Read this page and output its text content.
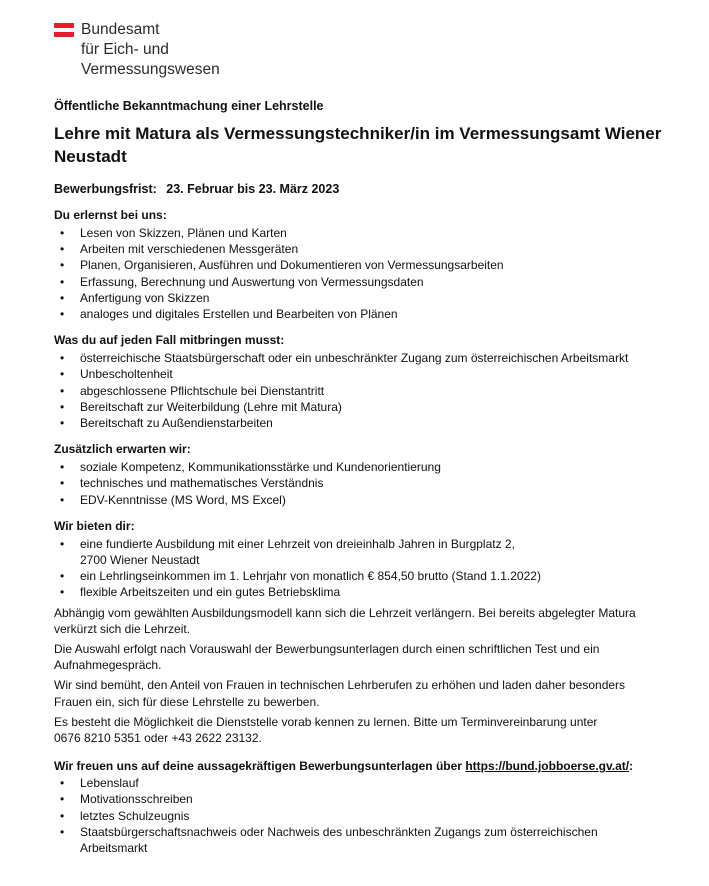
Bundesamt
für Eich- und
Vermessungswesen

Öffentliche Bekanntmachung einer Lehrstelle

Lehre mit Matura als Vermessungstechniker/in im Vermessungsamt Wiener Neustadt

Bewerbungsfrist: 23. Februar bis 23. März 2023

Du erlernst bei uns:
• Lesen von Skizzen, Plänen und Karten
• Arbeiten mit verschiedenen Messgeräten
• Planen, Organisieren, Ausführen und Dokumentieren von Vermessungsarbeiten
• Erfassung, Berechnung und Auswertung von Vermessungsdaten
• Anfertigung von Skizzen
• analoges und digitales Erstellen und Bearbeiten von Plänen
Was du auf jeden Fall mitbringen musst:
• österreichische Staatsbürgerschaft oder ein unbeschränkter Zugang zum österreichischen Arbeitsmarkt
• Unbescholtenheit
• abgeschlossene Pflichtschule bei Dienstantritt
• Bereitschaft zur Weiterbildung (Lehre mit Matura)
• Bereitschaft zu Außendienstarbeiten
Zusätzlich erwarten wir:
• soziale Kompetenz, Kommunikationsstärke und Kundenorientierung
• technisches und mathematisches Verständnis
• EDV-Kenntnisse (MS Word, MS Excel)
Wir bieten dir:
• eine fundierte Ausbildung mit einer Lehrzeit von dreieinhalb Jahren in Burgplatz 2,
2700 Wiener Neustadt
• ein Lehrlingseinkommen im 1. Lehrjahr von monatlich € 854,50 brutto (Stand 1.1.2022)
• flexible Arbeitszeiten und ein gutes Betriebsklima

Abhängig vom gewählten Ausbildungsmodell kann sich die Lehrzeit verlängern. Bei bereits abgelegter Matura verkürzt sich die Lehrzeit.

Die Auswahl erfolgt nach Vorauswahl der Bewerbungsunterlagen durch einen schriftlichen Test und ein Aufnahmegespräch.

Wir sind bemüht, den Anteil von Frauen in technischen Lehrberufen zu erhöhen und laden daher besonders Frauen ein, sich für diese Lehrstelle zu bewerben.

Es besteht die Möglichkeit die Dienststelle vorab kennen zu lernen. Bitte um Terminvereinbarung unter
0676 8210 5351 oder +43 2622 23132.

Wir freuen uns auf deine aussagekräftigen Bewerbungsunterlagen über https://bund.jobboerse.gv.at/:

• Lebenslauf
• Motivationsschreiben
• letztes Schulzeugnis
• Staatsbürgerschaftsnachweis oder Nachweis des unbeschränkten Zugangs zum österreichischen Arbeitsmarkt
